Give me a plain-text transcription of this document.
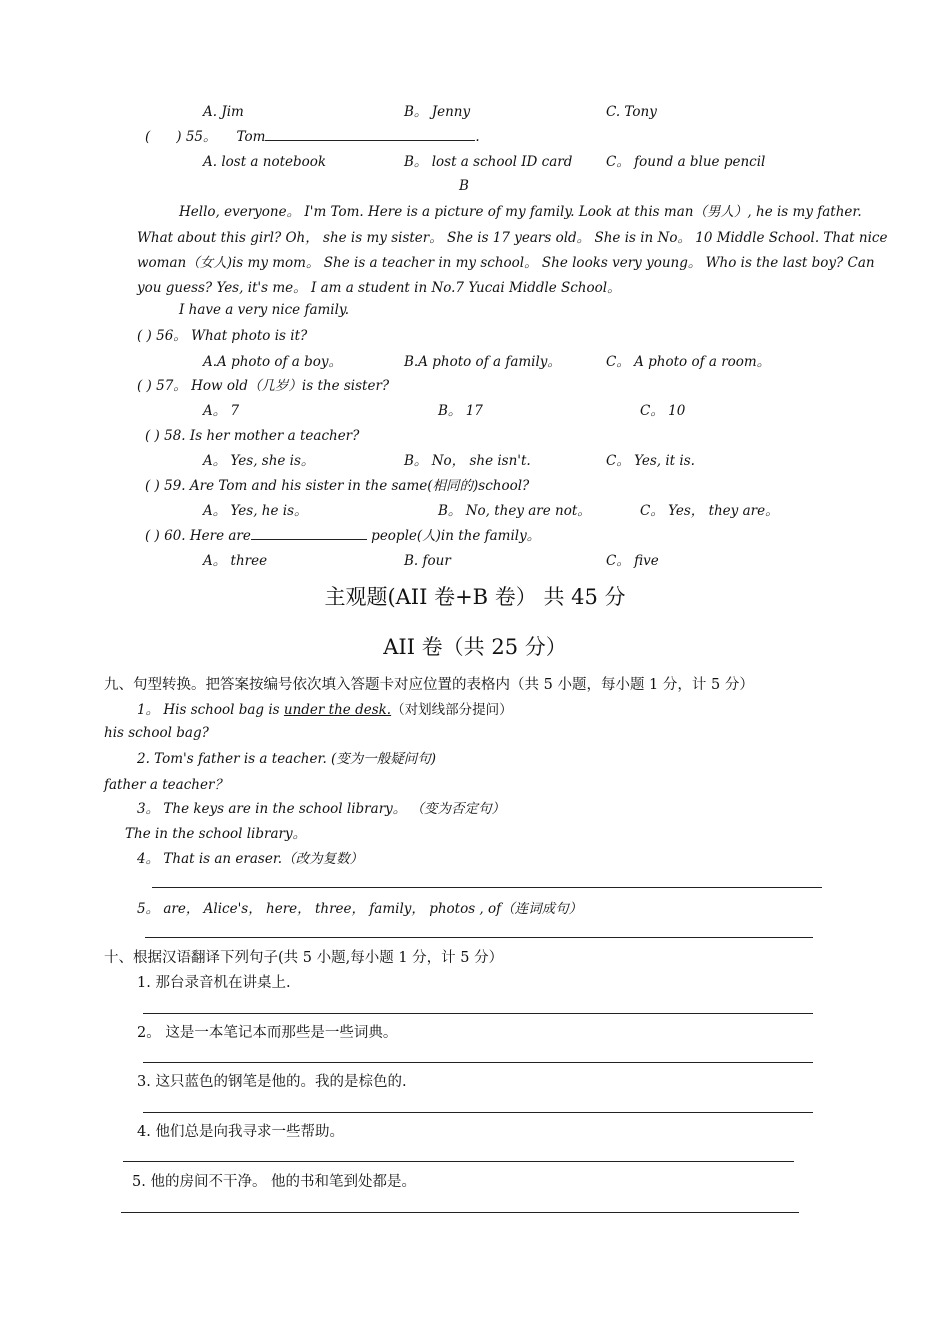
A. Jim	B。 Jenny	C. Tony
( ) 55。 Tom	.
A. lost a notebook	B。 lost a school ID card C。 found a blue pencil
B
Hello, everyone。 I'm Tom. Here is a picture of my family. Look at this man（男人）, he is my father.
What about this girl? Oh， she is my sister。 She is 17 years old。 She is in No。 10 Middle School. That nice
woman（女人)is my mom。 She is a teacher in my school。 She looks very young。 Who is the last boy? Can
you guess? Yes, it's me。 I am a student in No.7 Yucai Middle School。
I have a very nice family.
( ) 56。 What photo is it?
A.A photo of a boy。	B.A photo of a family。	C。 A photo of a room。
( ) 57。 How old（几岁）is the sister?
A。 7	B。 17	C。 10
( ) 58. Is her mother a teacher?
A。 Yes, she is。	B。 No， she isn't.	C。 Yes, it is.
( ) 59. Are Tom and his sister in the same(相同的)school?
A。 Yes, he is。	B。 No, they are not。	C。 Yes， they are。
( ) 60. Here are	people(人)in the family。
A。 three	B. four	C。 five
主观题(AII 卷+B 卷） 共 45 分
AII 卷（共 25 分）
九、句型转换。把答案按编号依次填入答题卡对应位置的表格内（共 5 小题，每小题 1 分，计 5 分）
1。 His school bag is under the desk.（对划线部分提问）
his school bag?
2. Tom's father is a teacher. (变为一般疑问句)
father a teacher？
3。 The keys are in the school library。 （变为否定句）
The in the school library。
4。 That is an eraser.（改为复数）
5。 are， Alice's， here， three， family， photos , of（连词成句）
十、根据汉语翻译下列句子(共 5 小题,每小题 1 分，计 5 分）
1. 那台录音机在讲桌上.
2。 这是一本笔记本而那些是一些词典。
3. 这只蓝色的钢笔是他的。我的是棕色的.
4. 他们总是向我寻求一些帮助。
5. 他的房间不干净。 他的书和笔到处都是。
